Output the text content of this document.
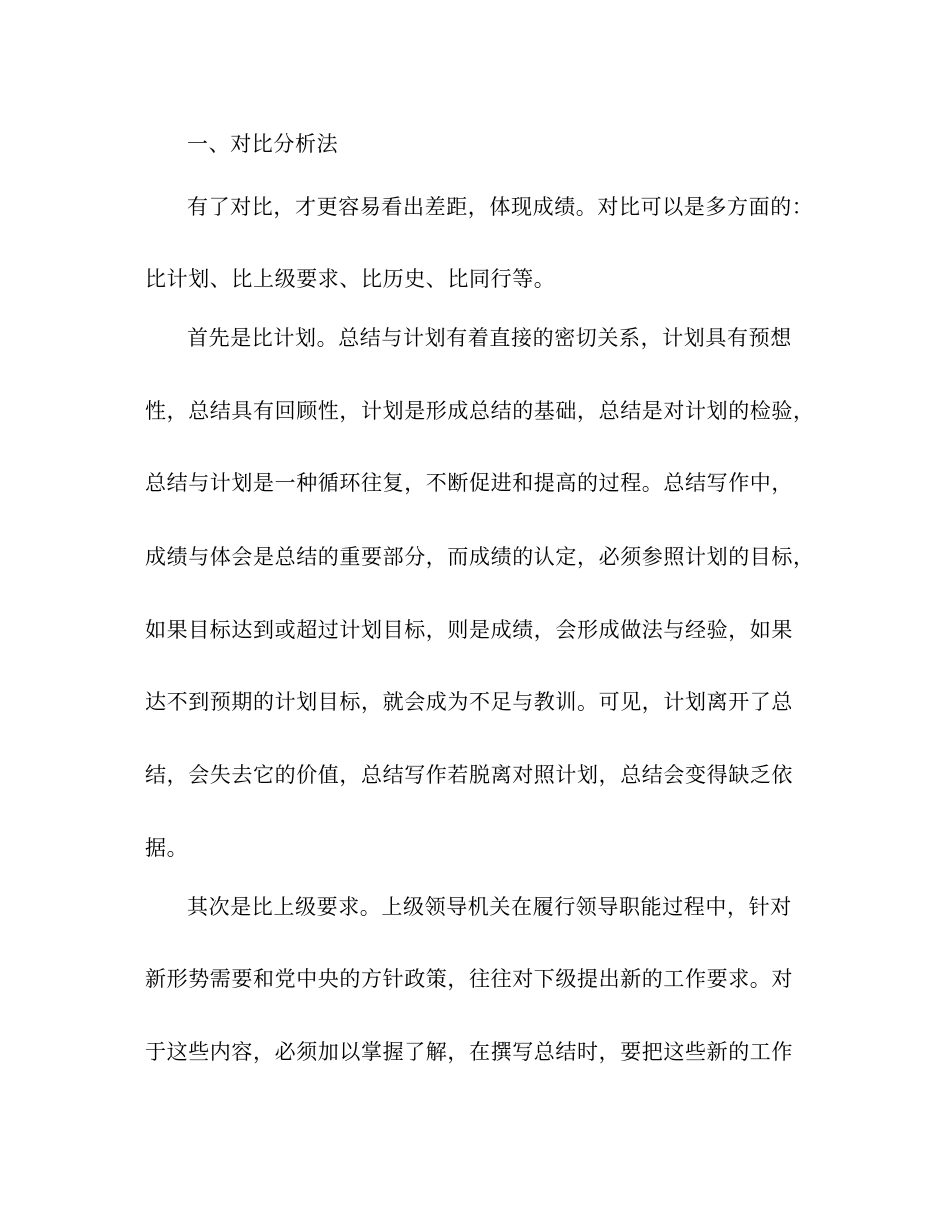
一、对比分析法
有了对比，才更容易看出差距，体现成绩。对比可以是多方面的：
比计划、比上级要求、比历史、比同行等。
首先是比计划。总结与计划有着直接的密切关系，计划具有预想
性，总结具有回顾性，计划是形成总结的基础，总结是对计划的检验，
总结与计划是一种循环往复，不断促进和提高的过程。总结写作中，
成绩与体会是总结的重要部分，而成绩的认定，必须参照计划的目标，
如果目标达到或超过计划目标，则是成绩，会形成做法与经验，如果
达不到预期的计划目标，就会成为不足与教训。可见，计划离开了总
结，会失去它的价值，总结写作若脱离对照计划，总结会变得缺乏依
据。
其次是比上级要求。上级领导机关在履行领导职能过程中，针对
新形势需要和党中央的方针政策，往往对下级提出新的工作要求。对
于这些内容，必须加以掌握了解，在撰写总结时，要把这些新的工作
